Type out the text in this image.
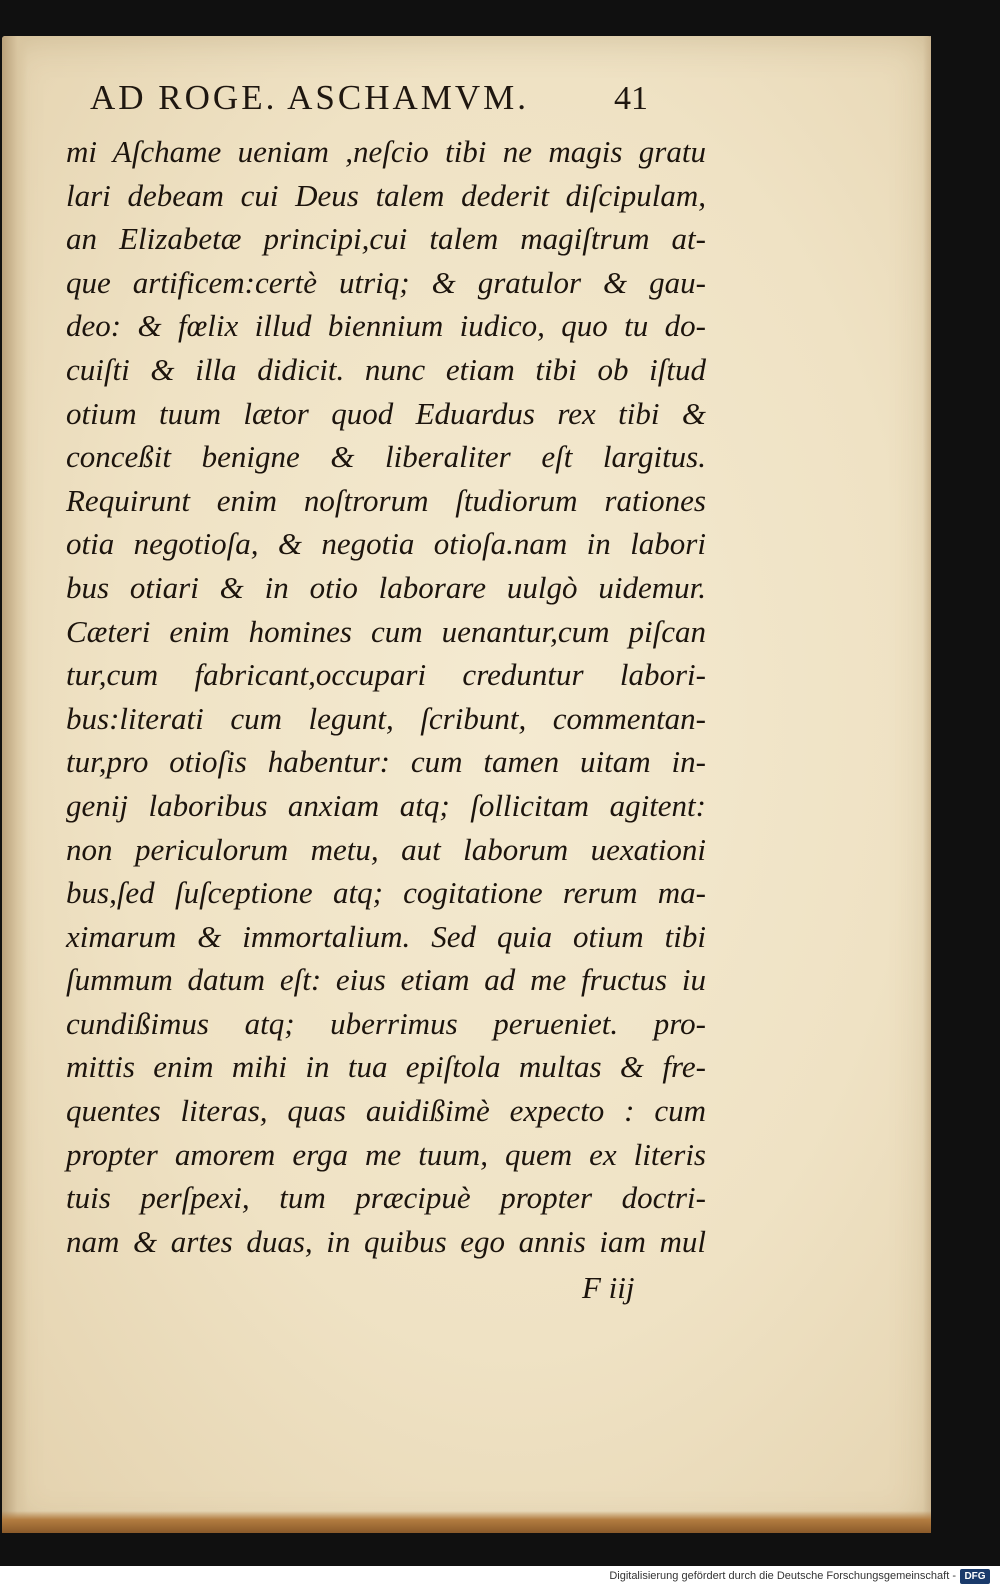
AD ROGE. ASCHAMVM.	41
mi Aſchame ueniam ,neſcio tibi ne magis gratu
lari debeam cui Deus talem dederit diſcipulam,
an Elizabetæ principi,cui talem magiſtrum at-
que artificem:certè utriq; & gratulor & gau-
deo: & fœlix illud biennium iudico, quo tu do-
cuiſti & illa didicit. nunc etiam tibi ob iſtud
otium tuum lætor quod Eduardus rex tibi &
conceßit benigne & liberaliter eſt largitus.
Requirunt enim noſtrorum ſtudiorum rationes
otia negotioſa, & negotia otioſa.nam in labori
bus otiari & in otio laborare uulgò uidemur.
Cæteri enim homines cum uenantur,cum piſcan
tur,cum fabricant,occupari creduntur labori-
bus:literati cum legunt, ſcribunt, commentan-
tur,pro otioſis habentur: cum tamen uitam in-
genij laboribus anxiam atq; ſollicitam agitent:
non periculorum metu, aut laborum uexationi
bus,ſed ſuſceptione atq; cogitatione rerum ma-
ximarum & immortalium. Sed quia otium tibi
ſummum datum eſt: eius etiam ad me fructus iu
cundißimus atq; uberrimus perueniet. pro-
mittis enim mihi in tua epiſtola multas & fre-
quentes literas, quas auidißimè expecto : cum
propter amorem erga me tuum, quem ex literis
tuis perſpexi, tum præcipuè propter doctri-
nam & artes duas, in quibus ego annis iam mul
F iij
Digitalisierung gefördert durch die Deutsche Forschungsgemeinschaft - DFG
